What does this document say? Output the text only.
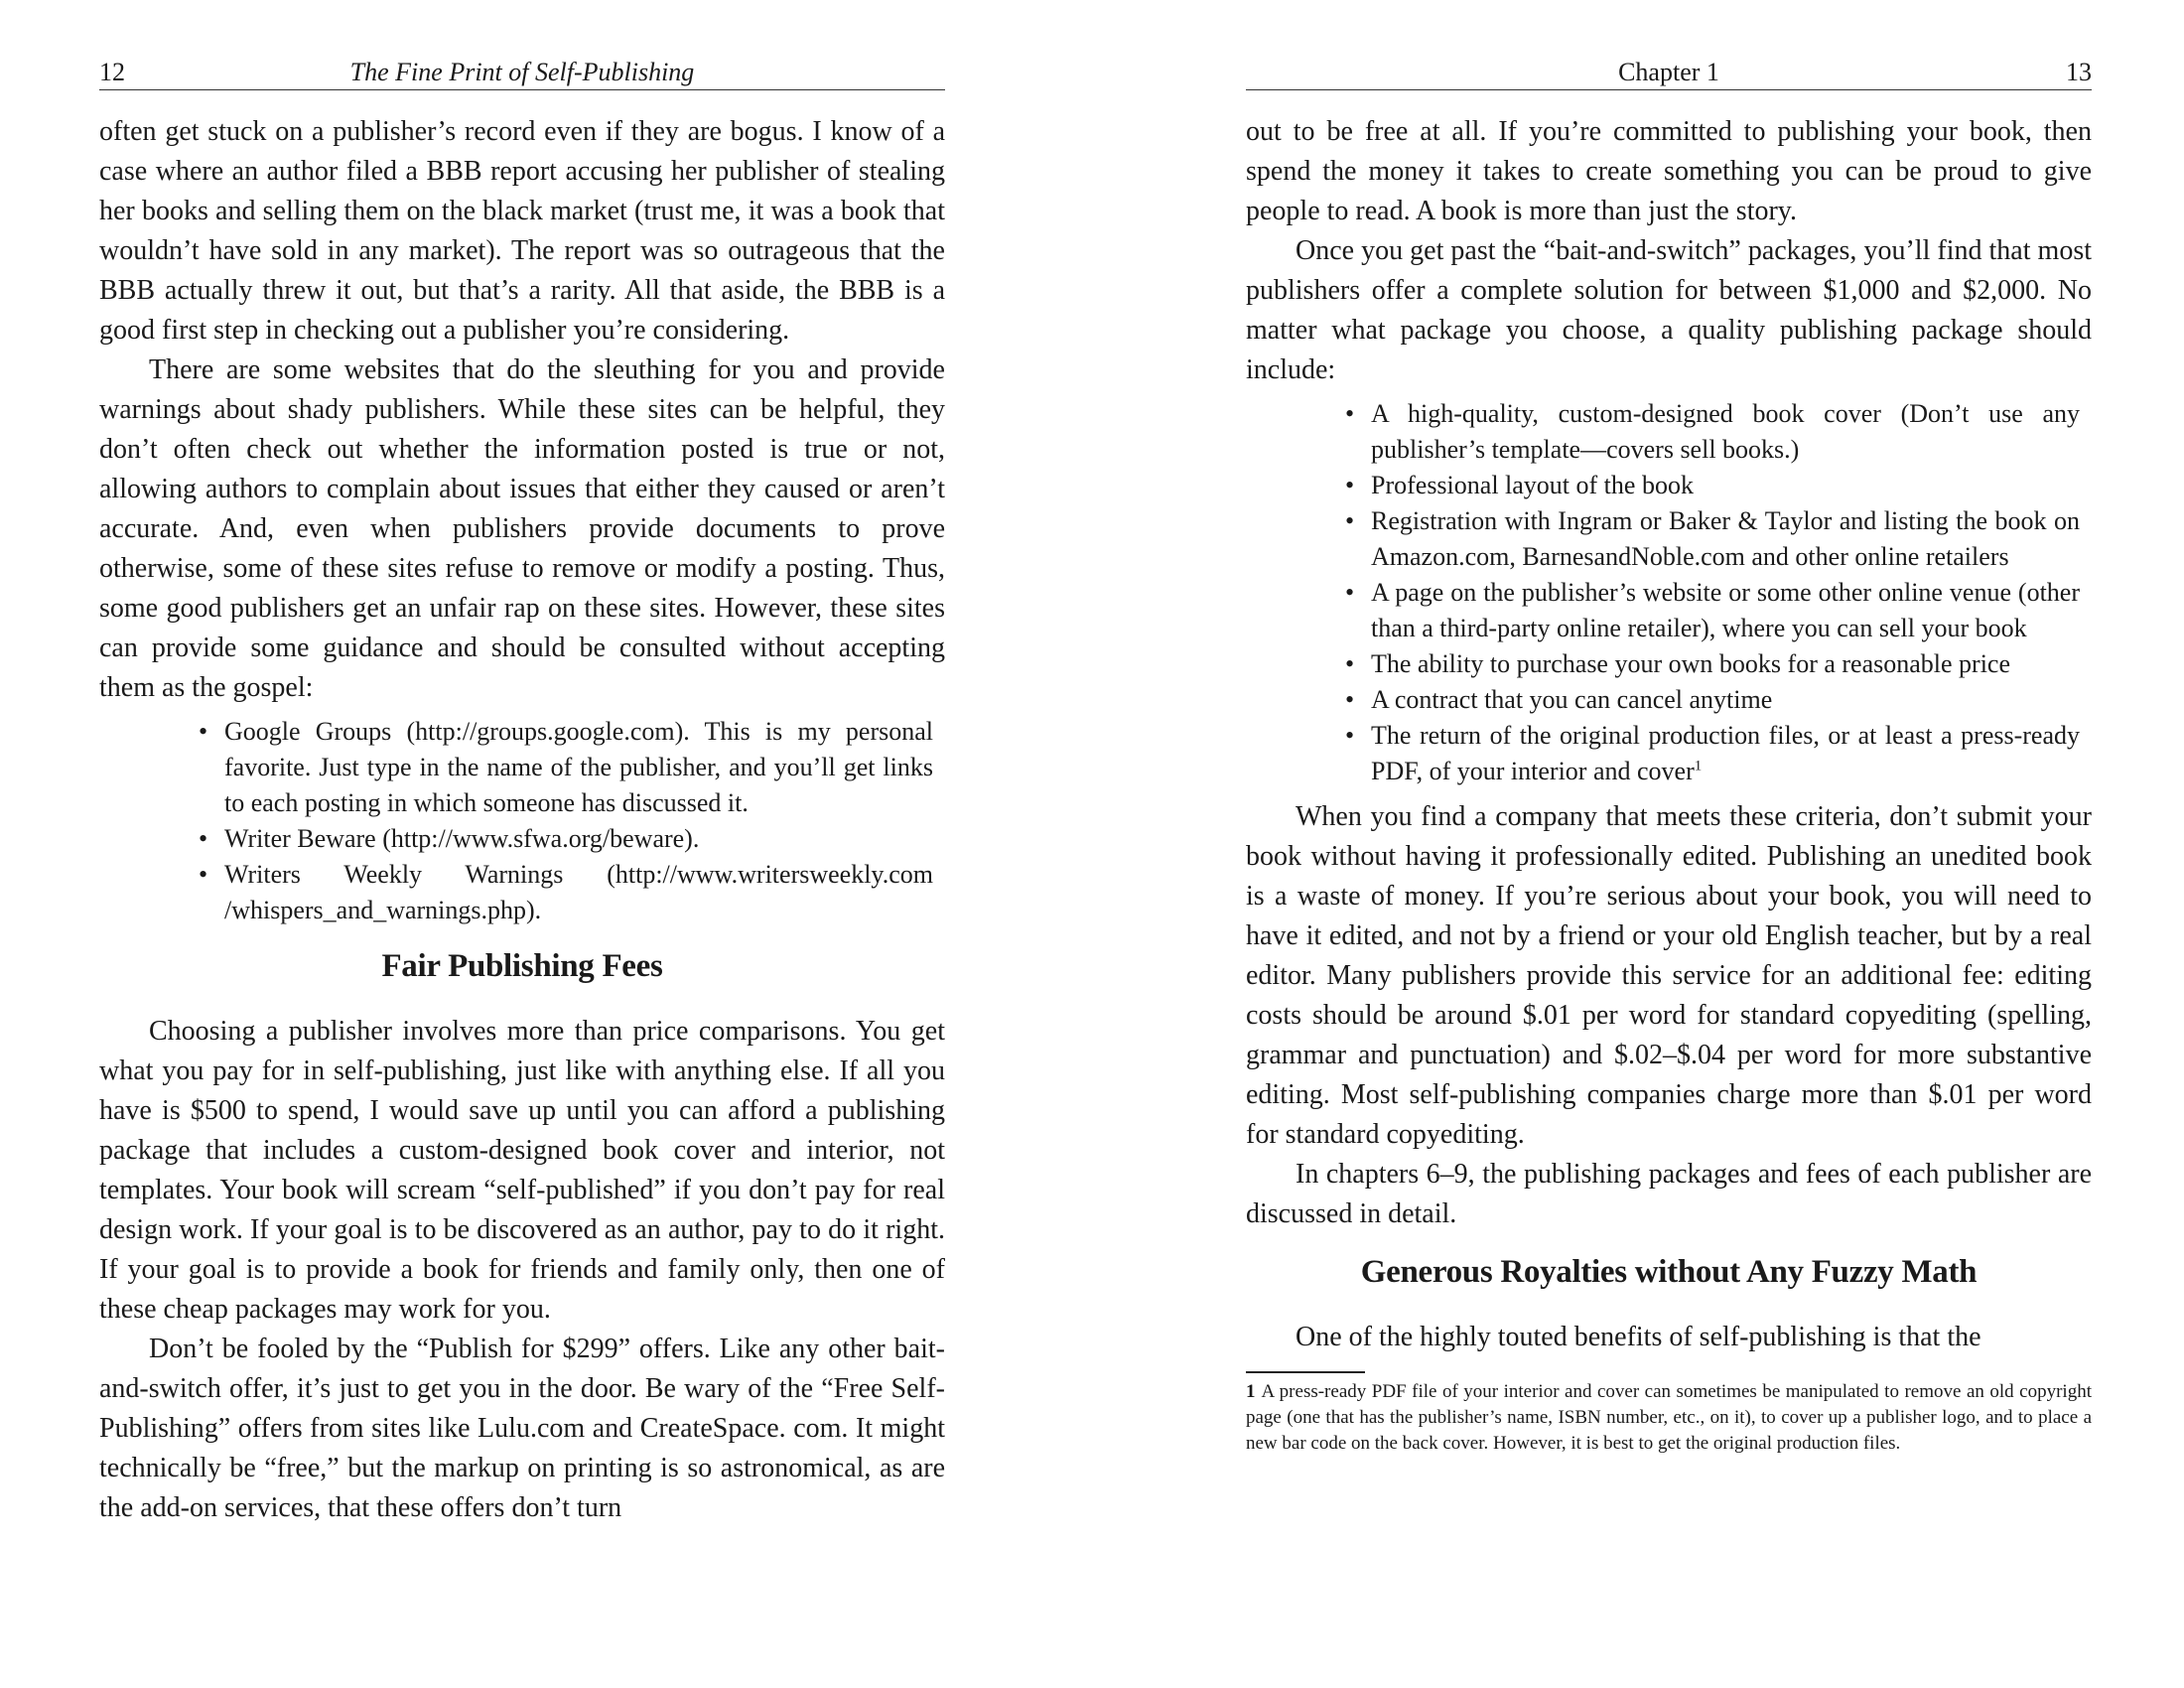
12	The Fine Print of Self-Publishing

often get stuck on a publisher’s record even if they are bogus. I know of a case where an author filed a BBB report accusing her publisher of stealing her books and selling them on the black market (trust me, it was a book that wouldn’t have sold in any market). The report was so outrageous that the BBB actually threw it out, but that’s a rarity. All that aside, the BBB is a good first step in checking out a publisher you’re considering.

There are some websites that do the sleuthing for you and provide warnings about shady publishers. While these sites can be helpful, they don’t often check out whether the information posted is true or not, allowing authors to complain about issues that either they caused or aren’t accurate. And, even when publishers provide documents to prove otherwise, some of these sites refuse to remove or modify a posting. Thus, some good publishers get an unfair rap on these sites. However, these sites can provide some guidance and should be consulted without accepting them as the gospel:

• Google Groups (http://groups.google.com). This is my personal favorite. Just type in the name of the publisher, and you’ll get links to each posting in which someone has discussed it.
• Writer Beware (http://www.sfwa.org/beware).
• Writers Weekly Warnings (http://www.writersweekly.com /whispers_and_warnings.php).
Fair Publishing Fees

Choosing a publisher involves more than price comparisons. You get what you pay for in self-publishing, just like with anything else. If all you have is $500 to spend, I would save up until you can afford a publishing package that includes a custom-designed book cover and interior, not templates. Your book will scream “self-published” if you don’t pay for real design work. If your goal is to be discovered as an author, pay to do it right. If your goal is to provide a book for friends and family only, then one of these cheap packages may work for you.

Don’t be fooled by the “Publish for $299” offers. Like any other bait-and-switch offer, it’s just to get you in the door. Be wary of the “Free Self-Publishing” offers from sites like Lulu.com and CreateSpace. com. It might technically be “free,” but the markup on printing is so astronomical, as are the add-on services, that these offers don’t turn

Chapter 1	13

out to be free at all. If you’re committed to publishing your book, then spend the money it takes to create something you can be proud to give people to read. A book is more than just the story.

Once you get past the “bait-and-switch” packages, you’ll find that most publishers offer a complete solution for between $1,000 and $2,000. No matter what package you choose, a quality publishing package should include:

• A high-quality, custom-designed book cover (Don’t use any publisher’s template—covers sell books.)
• Professional layout of the book
• Registration with Ingram or Baker & Taylor and listing the book on Amazon.com, BarnesandNoble.com and other online retailers
• A page on the publisher’s website or some other online venue (other than a third-party online retailer), where you can sell your book
• The ability to purchase your own books for a reasonable price
• A contract that you can cancel anytime
• The return of the original production files, or at least a press-ready PDF, of your interior and cover$^1$

When you find a company that meets these criteria, don’t submit your book without having it professionally edited. Publishing an unedited book is a waste of money. If you’re serious about your book, you will need to have it edited, and not by a friend or your old English teacher, but by a real editor. Many publishers provide this service for an additional fee: editing costs should be around $.01 per word for standard copyediting (spelling, grammar and punctuation) and $.02–$.04 per word for more substantive editing. Most self-publishing companies charge more than $.01 per word for standard copyediting.

In chapters 6–9, the publishing packages and fees of each publisher are discussed in detail.

Generous Royalties without Any Fuzzy Math

One of the highly touted benefits of self-publishing is that the

1 A press-ready PDF file of your interior and cover can sometimes be manipulated to remove an old copyright page (one that has the publisher’s name, ISBN number, etc., on it), to cover up a publisher logo, and to place a new bar code on the back cover. However, it is best to get the original production files.
